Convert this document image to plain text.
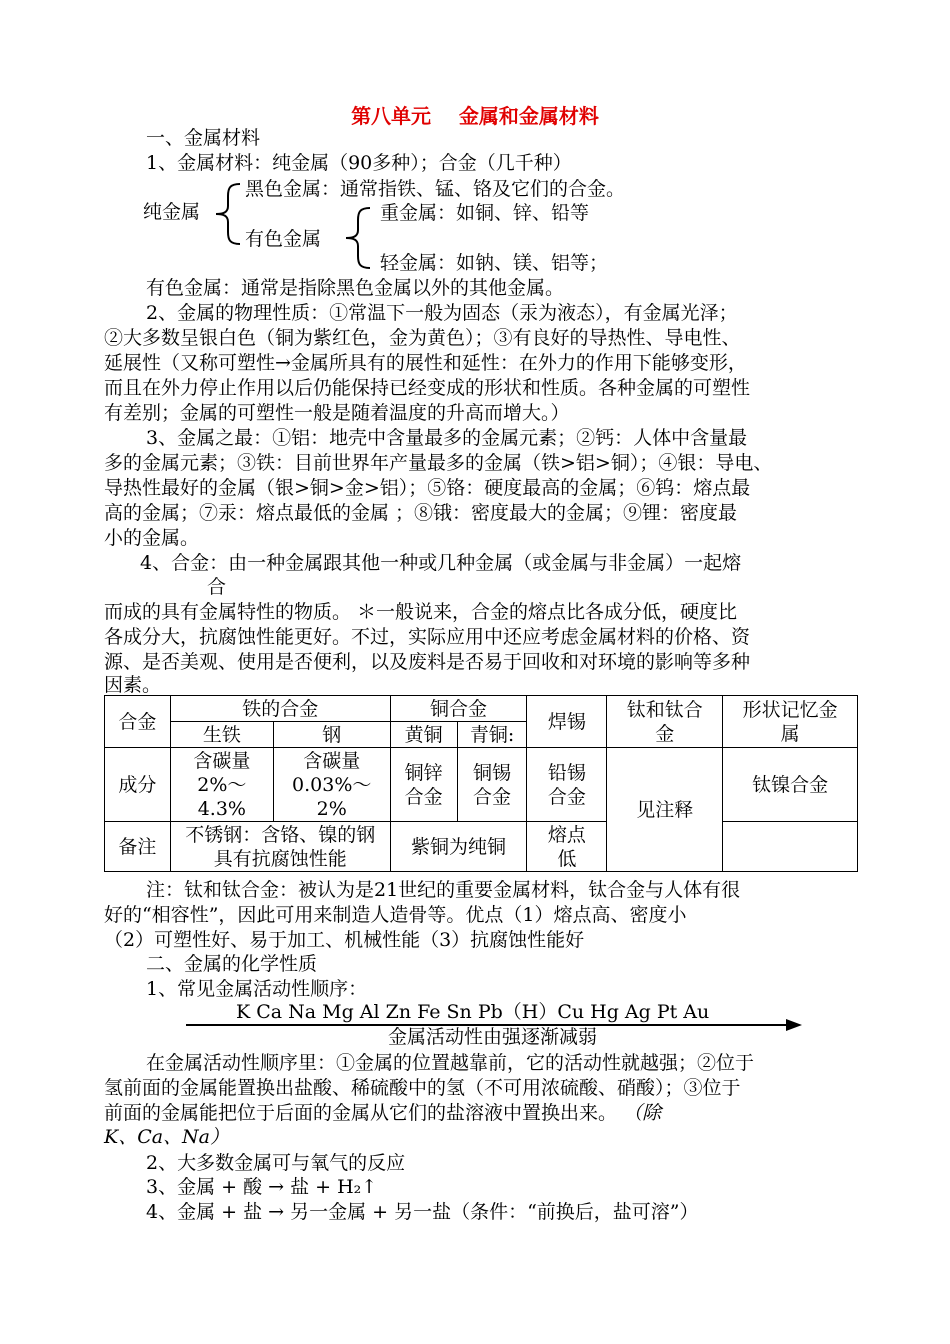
第八单元    金属和金属材料
一、金属材料
1、金属材料：纯金属（90多种）；合金（几千种）
纯金属
黑色金属：通常指铁、锰、铬及它们的合金。
有色金属
重金属：如铜、锌、铅等
轻金属：如钠、镁、铝等；
有色金属：通常是指除黑色金属以外的其他金属。
2、金属的物理性质：①常温下一般为固态（汞为液态），有金属光泽；
②大多数呈银白色（铜为紫红色，金为黄色）；③有良好的导热性、导电性、
延展性（又称可塑性→金属所具有的展性和延性：在外力的作用下能够变形，
而且在外力停止作用以后仍能保持已经变成的形状和性质。各种金属的可塑性
有差别；金属的可塑性一般是随着温度的升高而增大。）
3、金属之最：①铝：地壳中含量最多的金属元素；②钙：人体中含量最
多的金属元素；③铁：目前世界年产量最多的金属（铁>铝>铜）；④银：导电、
导热性最好的金属（银>铜>金>铝）；⑤铬：硬度最高的金属；⑥钨：熔点最
高的金属；⑦汞：熔点最低的金属 ；⑧锇：密度最大的金属；⑨锂：密度最
小的金属。
4、合金：由一种金属跟其他一种或几种金属（或金属与非金属）一起熔
合
而成的具有金属特性的物质。 ＊一般说来，合金的熔点比各成分低，硬度比
各成分大，抗腐蚀性能更好。不过，实际应用中还应考虑金属材料的价格、资
源、是否美观、使用是否便利，以及废料是否易于回收和对环境的影响等多种
因素。
合金	铁的合金		铜合金		焊锡	钛和钛合金	形状记忆金属
	生铁	钢	黄铜	青铜:			
成分	含碳量2%～4.3%	含碳量0.03%～2%	铜锌合金	铜锡合金	铅锡合金	见注释	钛镍合金
备注	不锈钢：含铬、镍的钢具有抗腐蚀性能		紫铜为纯铜		熔点低		
注：钛和钛合金：被认为是21世纪的重要金属材料，钛合金与人体有很
好的“相容性”，因此可用来制造人造骨等。优点（1）熔点高、密度小
（2）可塑性好、易于加工、机械性能（3）抗腐蚀性能好
二、金属的化学性质
1、常见金属活动性顺序：
K Ca Na Mg Al Zn Fe Sn Pb（H）Cu Hg Ag Pt Au
金属活动性由强逐渐减弱
在金属活动性顺序里：①金属的位置越靠前，它的活动性就越强；②位于
氢前面的金属能置换出盐酸、稀硫酸中的氢（不可用浓硫酸、硝酸）；③位于
前面的金属能把位于后面的金属从它们的盐溶液中置换出来。 （除
K、Ca、Na）
2、大多数金属可与氧气的反应
3、金属 + 酸 → 盐 + H₂↑
4、金属 + 盐 → 另一金属 + 另一盐（条件：“前换后，盐可溶”）
